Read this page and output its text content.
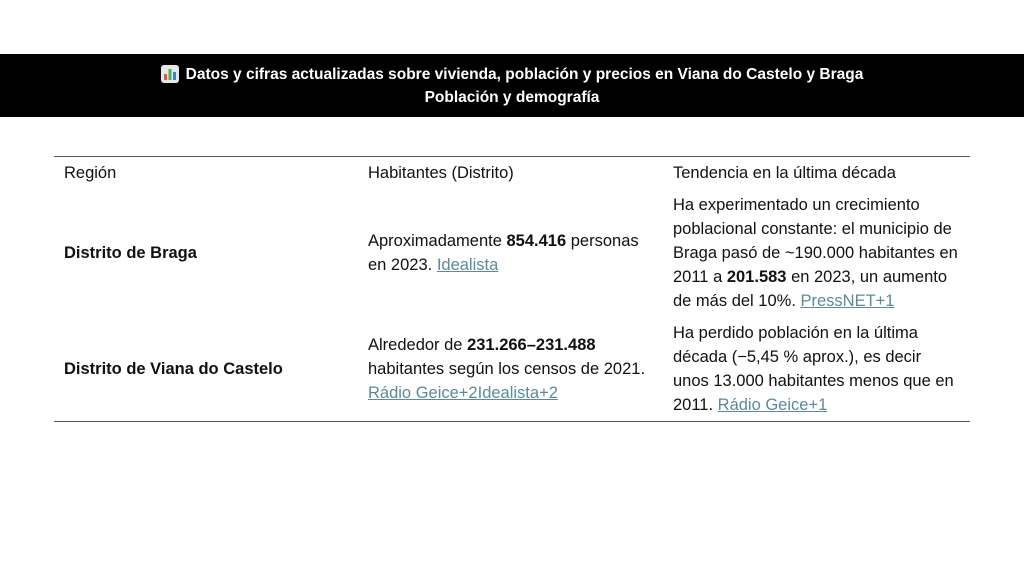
Datos y cifras actualizadas sobre vivienda, población y precios en Viana do Castelo y Braga
Población y demografía
Región	Habitantes (Distrito)	Tendencia en la última década
Distrito de Braga	Aproximadamente 854.416 personas en 2023. Idealista	Ha experimentado un crecimiento poblacional constante: el municipio de Braga pasó de ~190.000 habitantes en 2011 a 201.583 en 2023, un aumento de más del 10%. PressNET+1
Distrito de Viana do Castelo	Alrededor de 231.266–231.488 habitantes según los censos de 2021. Rádio Geice+2Idealista+2	Ha perdido población en la última década (−5,45 % aprox.), es decir unos 13.000 habitantes menos que en 2011. Rádio Geice+1
